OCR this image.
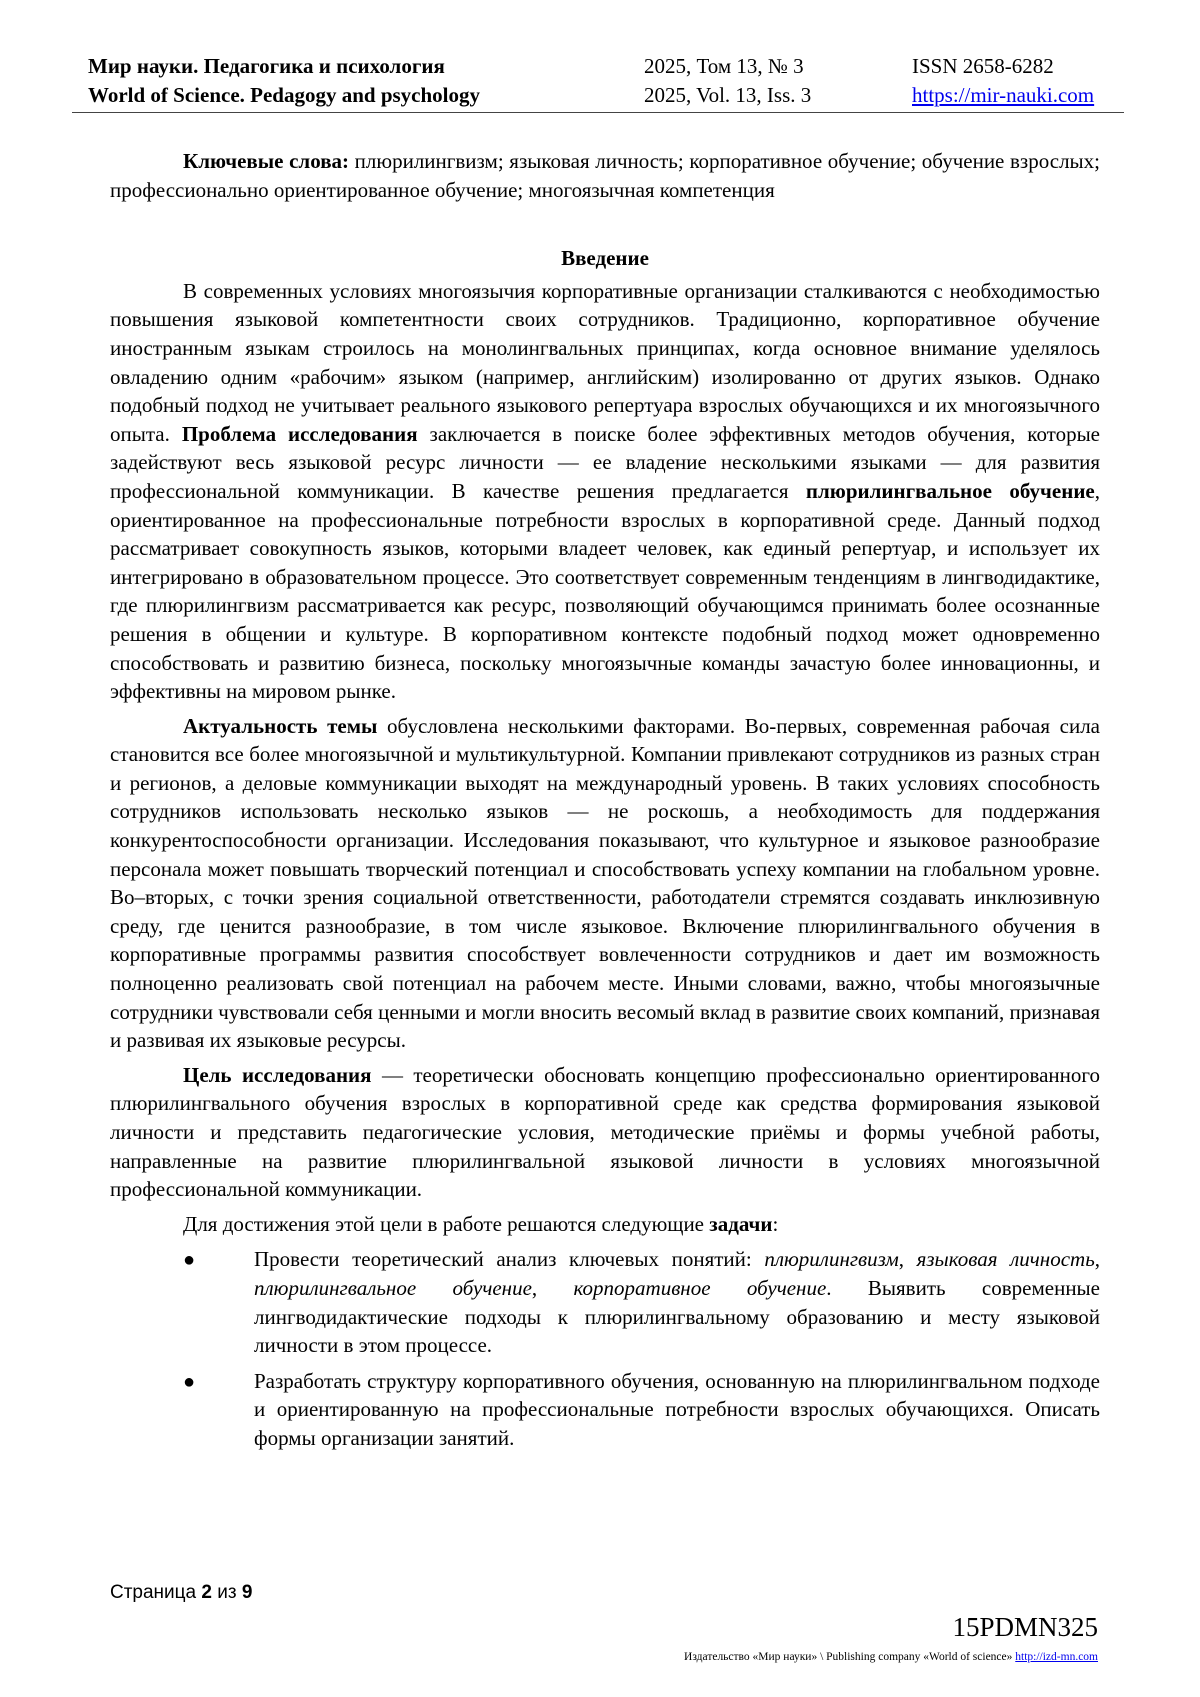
Мир науки. Педагогика и психология
World of Science. Pedagogy and psychology
2025, Том 13, № 3
2025, Vol. 13, Iss. 3
ISSN 2658-6282
https://mir-nauki.com

Ключевые слова: плюрилингвизм; языковая личность; корпоративное обучение; обучение взрослых; профессионально ориентированное обучение; многоязычная компетенция

Введение

В современных условиях многоязычия корпоративные организации сталкиваются с необходимостью повышения языковой компетентности своих сотрудников. Традиционно, корпоративное обучение иностранным языкам строилось на монолингвальных принципах, когда основное внимание уделялось овладению одним «рабочим» языком (например, английским) изолированно от других языков. Однако подобный подход не учитывает реального языкового репертуара взрослых обучающихся и их многоязычного опыта. Проблема исследования заключается в поиске более эффективных методов обучения, которые задействуют весь языковой ресурс личности — ее владение несколькими языками — для развития профессиональной коммуникации. В качестве решения предлагается плюрилингвальное обучение, ориентированное на профессиональные потребности взрослых в корпоративной среде. Данный подход рассматривает совокупность языков, которыми владеет человек, как единый репертуар, и использует их интегрировано в образовательном процессе. Это соответствует современным тенденциям в лингводидактике, где плюрилингвизм рассматривается как ресурс, позволяющий обучающимся принимать более осознанные решения в общении и культуре. В корпоративном контексте подобный подход может одновременно способствовать и развитию бизнеса, поскольку многоязычные команды зачастую более инновационны, и эффективны на мировом рынке.

Актуальность темы обусловлена несколькими факторами. Во-первых, современная рабочая сила становится все более многоязычной и мультикультурной. Компании привлекают сотрудников из разных стран и регионов, а деловые коммуникации выходят на международный уровень. В таких условиях способность сотрудников использовать несколько языков — не роскошь, а необходимость для поддержания конкурентоспособности организации. Исследования показывают, что культурное и языковое разнообразие персонала может повышать творческий потенциал и способствовать успеху компании на глобальном уровне. Во–вторых, с точки зрения социальной ответственности, работодатели стремятся создавать инклюзивную среду, где ценится разнообразие, в том числе языковое. Включение плюрилингвального обучения в корпоративные программы развития способствует вовлеченности сотрудников и дает им возможность полноценно реализовать свой потенциал на рабочем месте. Иными словами, важно, чтобы многоязычные сотрудники чувствовали себя ценными и могли вносить весомый вклад в развитие своих компаний, признавая и развивая их языковые ресурсы.

Цель исследования — теоретически обосновать концепцию профессионально ориентированного плюрилингвального обучения взрослых в корпоративной среде как средства формирования языковой личности и представить педагогические условия, методические приёмы и формы учебной работы, направленные на развитие плюрилингвальной языковой личности в условиях многоязычной профессиональной коммуникации.

Для достижения этой цели в работе решаются следующие задачи:

●	Провести теоретический анализ ключевых понятий: плюрилингвизм, языковая личность, плюрилингвальное обучение, корпоративное обучение. Выявить современные лингводидактические подходы к плюрилингвальному образованию и месту языковой личности в этом процессе.
●	Разработать структуру корпоративного обучения, основанную на плюрилингвальном подходе и ориентированную на профессиональные потребности взрослых обучающихся. Описать формы организации занятий.
Страница 2 из 9
15PDMN325
Издательство «Мир науки» \ Publishing company «World of science» http://izd-mn.com
